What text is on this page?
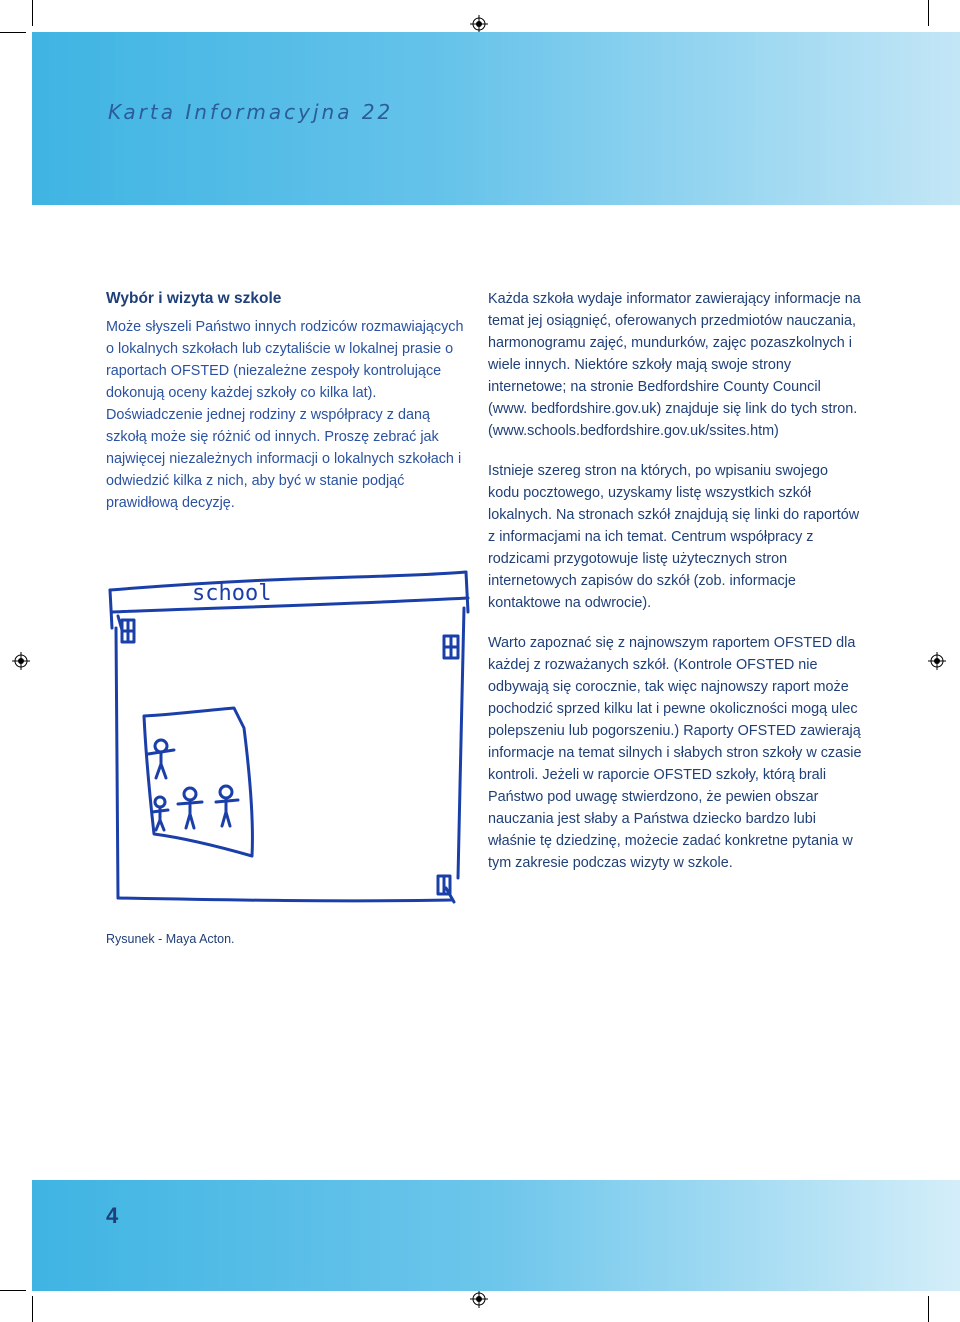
Karta Informacyjna 22
Wybór i wizyta w szkole

Może słyszeli Państwo innych rodziców rozmawiających o lokalnych szkołach lub czytaliście w lokalnej prasie o raportach OFSTED (niezależne zespoły kontrolujące dokonują oceny każdej szkoły co kilka lat). Doświadczenie jednej rodziny z współpracy z daną szkołą może się różnić od innych. Proszę zebrać jak najwięcej niezależnych informacji o lokalnych szkołach i odwiedzić kilka z nich, aby być w stanie podjąć prawidłową decyzję.

Każda szkoła wydaje informator zawierający informacje na temat jej osiągnięć, oferowanych przedmiotów nauczania, harmonogramu zajęć, mundurków, zajęc pozaszkolnych i wiele innych. Niektóre szkoły mają swoje strony internetowe; na stronie Bedfordshire County Council (www. bedfordshire.gov.uk) znajduje się link do tych stron. (www.schools.bedfordshire.gov.uk/ssites.htm)

Istnieje szereg stron na których, po wpisaniu swojego kodu pocztowego, uzyskamy listę wszystkich szkół lokalnych. Na stronach szkół znajdują się linki do raportów z informacjami na ich temat. Centrum współpracy z rodzicami przygotowuje listę użytecznych stron internetowych zapisów do szkół (zob. informacje kontaktowe na odwrocie).

Warto zapoznać się z najnowszym raportem OFSTED dla każdej z rozważanych szkół. (Kontrole OFSTED nie odbywają się corocznie, tak więc najnowszy raport może pochodzić sprzed kilku lat i pewne okoliczności mogą ulec polepszeniu lub pogorszeniu.) Raporty OFSTED zawierają informacje na temat silnych i słabych stron szkoły w czasie kontroli. Jeżeli w raporcie OFSTED szkoły, którą brali Państwo pod uwagę stwierdzono, że pewien obszar nauczania jest słaby a Państwa dziecko bardzo lubi właśnie tę dziedzinę, możecie zadać konkretne pytania w tym zakresie podczas wizyty w szkole.

school
Rysunek - Maya Acton.
4
